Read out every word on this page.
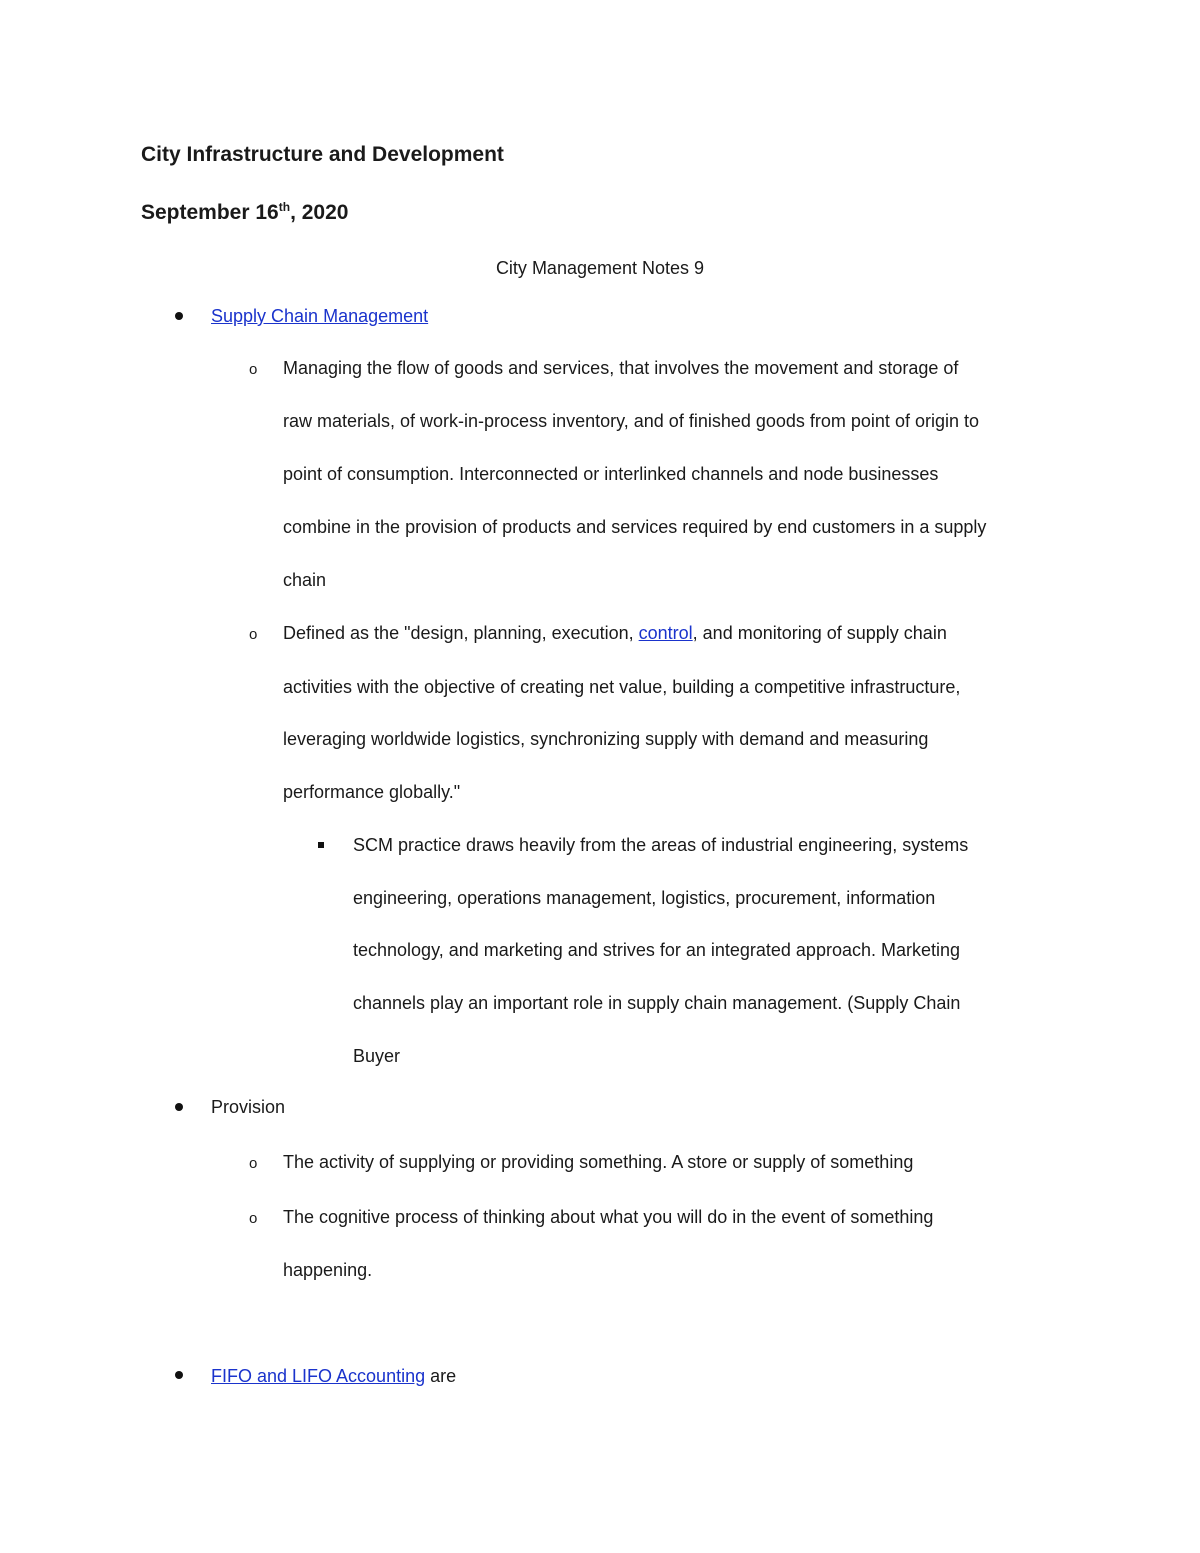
City Infrastructure and Development
September 16th, 2020
City Management Notes 9
Supply Chain Management
o Managing the flow of goods and services, that involves the movement and storage of
raw materials, of work-in-process inventory, and of finished goods from point of origin to
point of consumption. Interconnected or interlinked channels and node businesses
combine in the provision of products and services required by end customers in a supply
chain
o Defined as the "design, planning, execution, control, and monitoring of supply chain
activities with the objective of creating net value, building a competitive infrastructure,
leveraging worldwide logistics, synchronizing supply with demand and measuring
performance globally."
SCM practice draws heavily from the areas of industrial engineering, systems
engineering, operations management, logistics, procurement, information
technology, and marketing and strives for an integrated approach. Marketing
channels play an important role in supply chain management. (Supply Chain
Buyer
Provision
o The activity of supplying or providing something. A store or supply of something
o The cognitive process of thinking about what you will do in the event of something
happening.
FIFO and LIFO Accounting are
